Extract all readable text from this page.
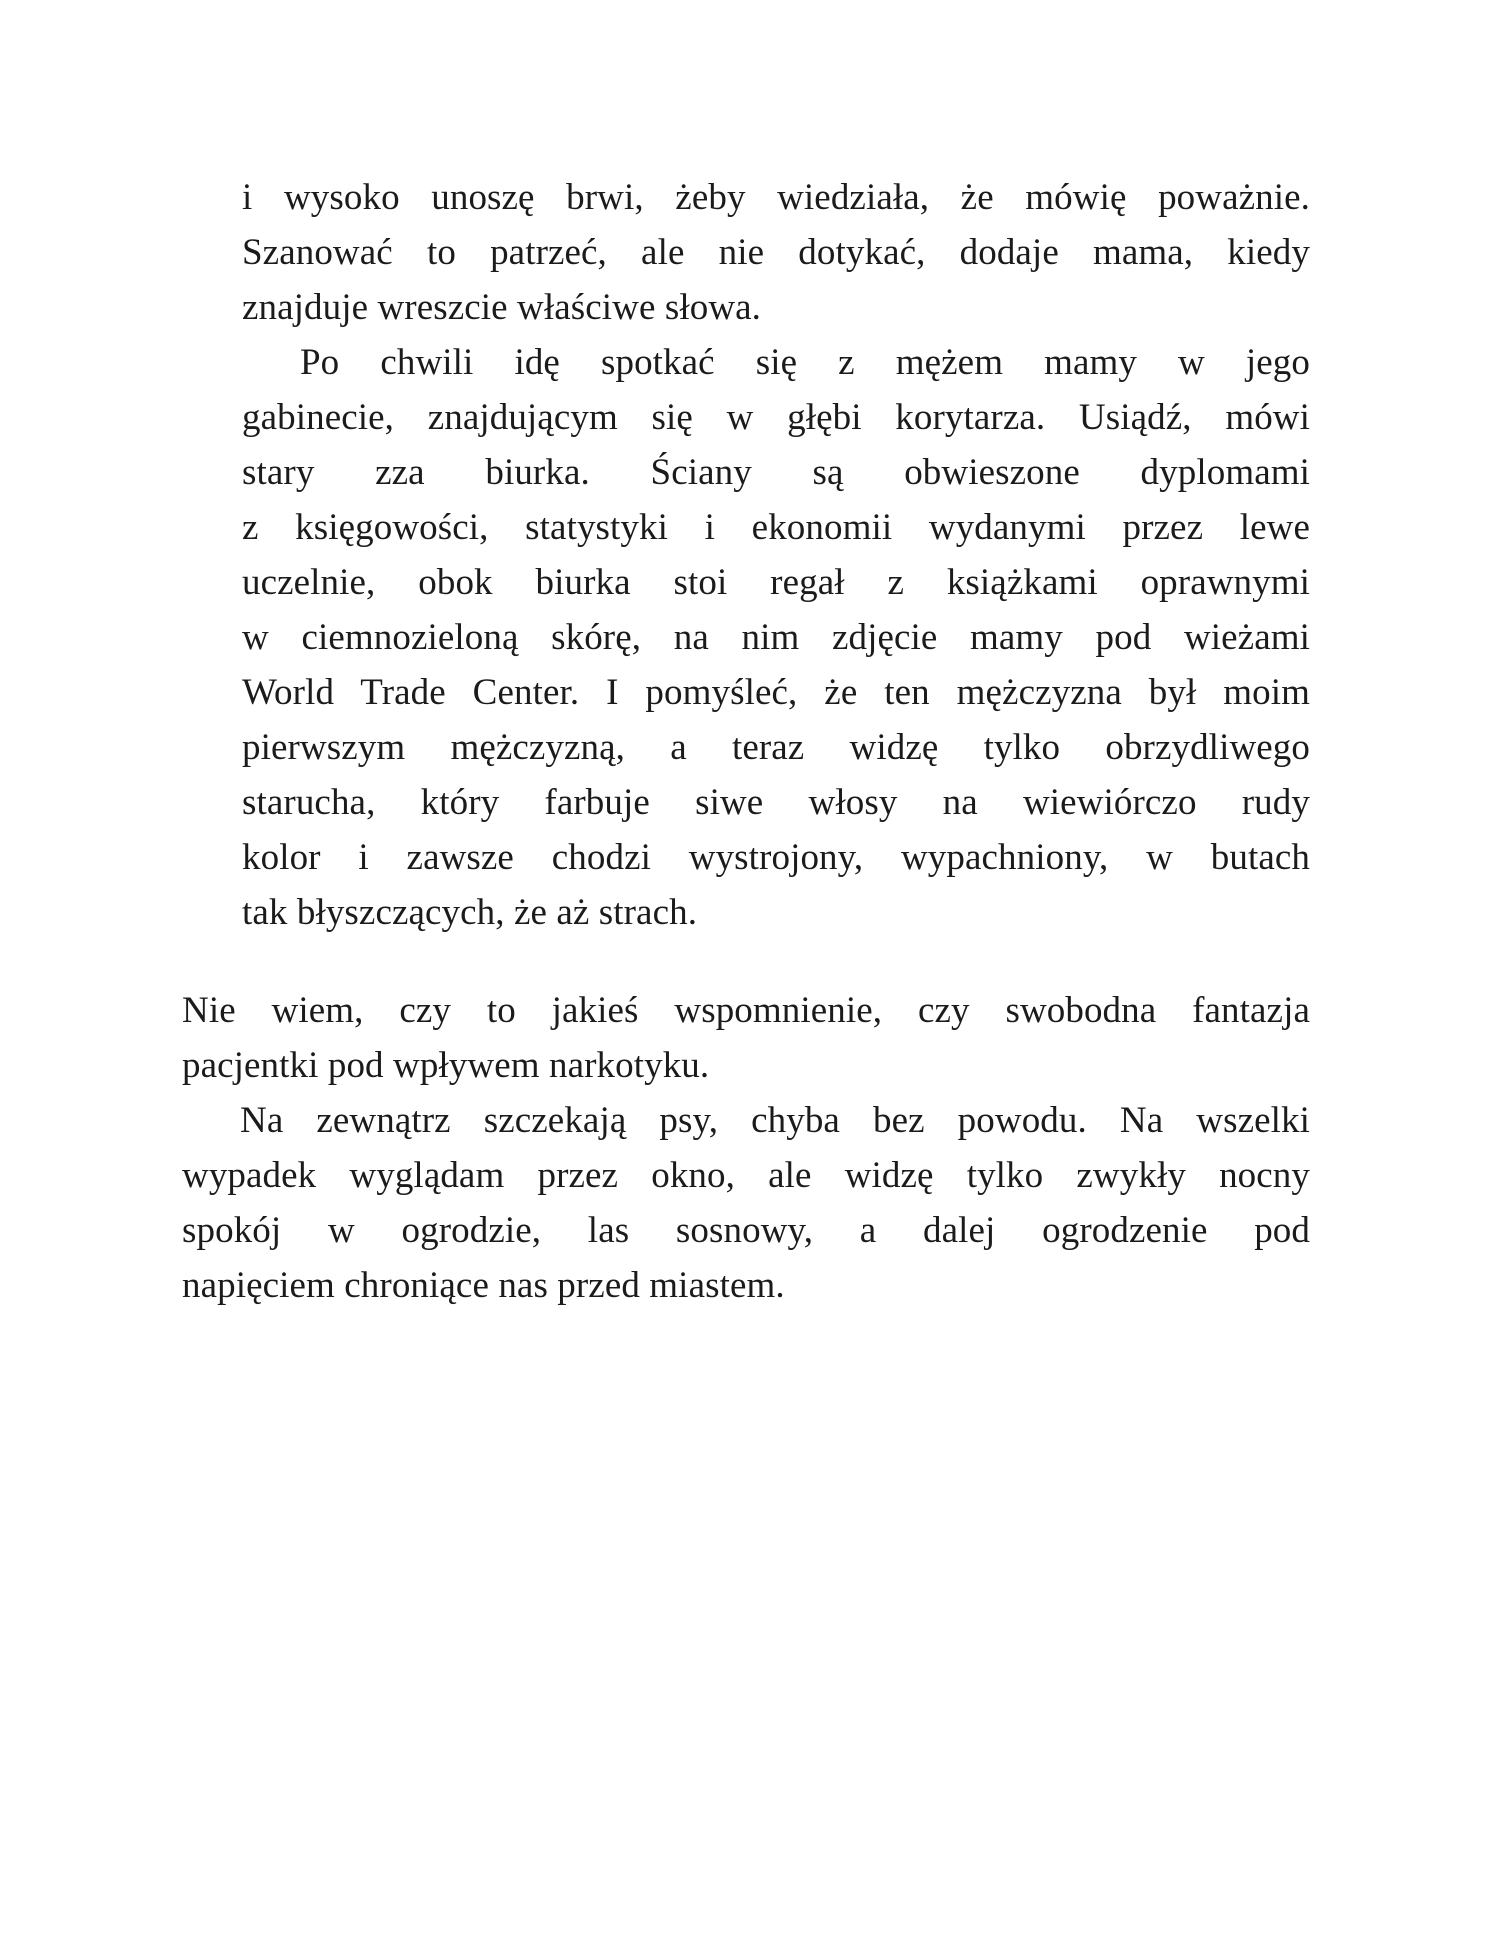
i wysoko unoszę brwi, żeby wiedziała, że mówię poważnie.
Szanować to patrzeć, ale nie dotykać, dodaje mama, kiedy
znajduje wreszcie właściwe słowa.
Po chwili idę spotkać się z mężem mamy w jego
gabinecie, znajdującym się w głębi korytarza. Usiądź, mówi
stary zza biurka. Ściany są obwieszone dyplomami
z księgowości, statystyki i ekonomii wydanymi przez lewe
uczelnie, obok biurka stoi regał z książkami oprawnymi
w ciemnozieloną skórę, na nim zdjęcie mamy pod wieżami
World Trade Center. I pomyśleć, że ten mężczyzna był moim
pierwszym mężczyzną, a teraz widzę tylko obrzydliwego
starucha, który farbuje siwe włosy na wiewiórczo rudy
kolor i zawsze chodzi wystrojony, wypachniony, w butach
tak błyszczących, że aż strach.
Nie wiem, czy to jakieś wspomnienie, czy swobodna fantazja
pacjentki pod wpływem narkotyku.
Na zewnątrz szczekają psy, chyba bez powodu. Na wszelki
wypadek wyglądam przez okno, ale widzę tylko zwykły nocny
spokój w ogrodzie, las sosnowy, a dalej ogrodzenie pod
napięciem chroniące nas przed miastem.
